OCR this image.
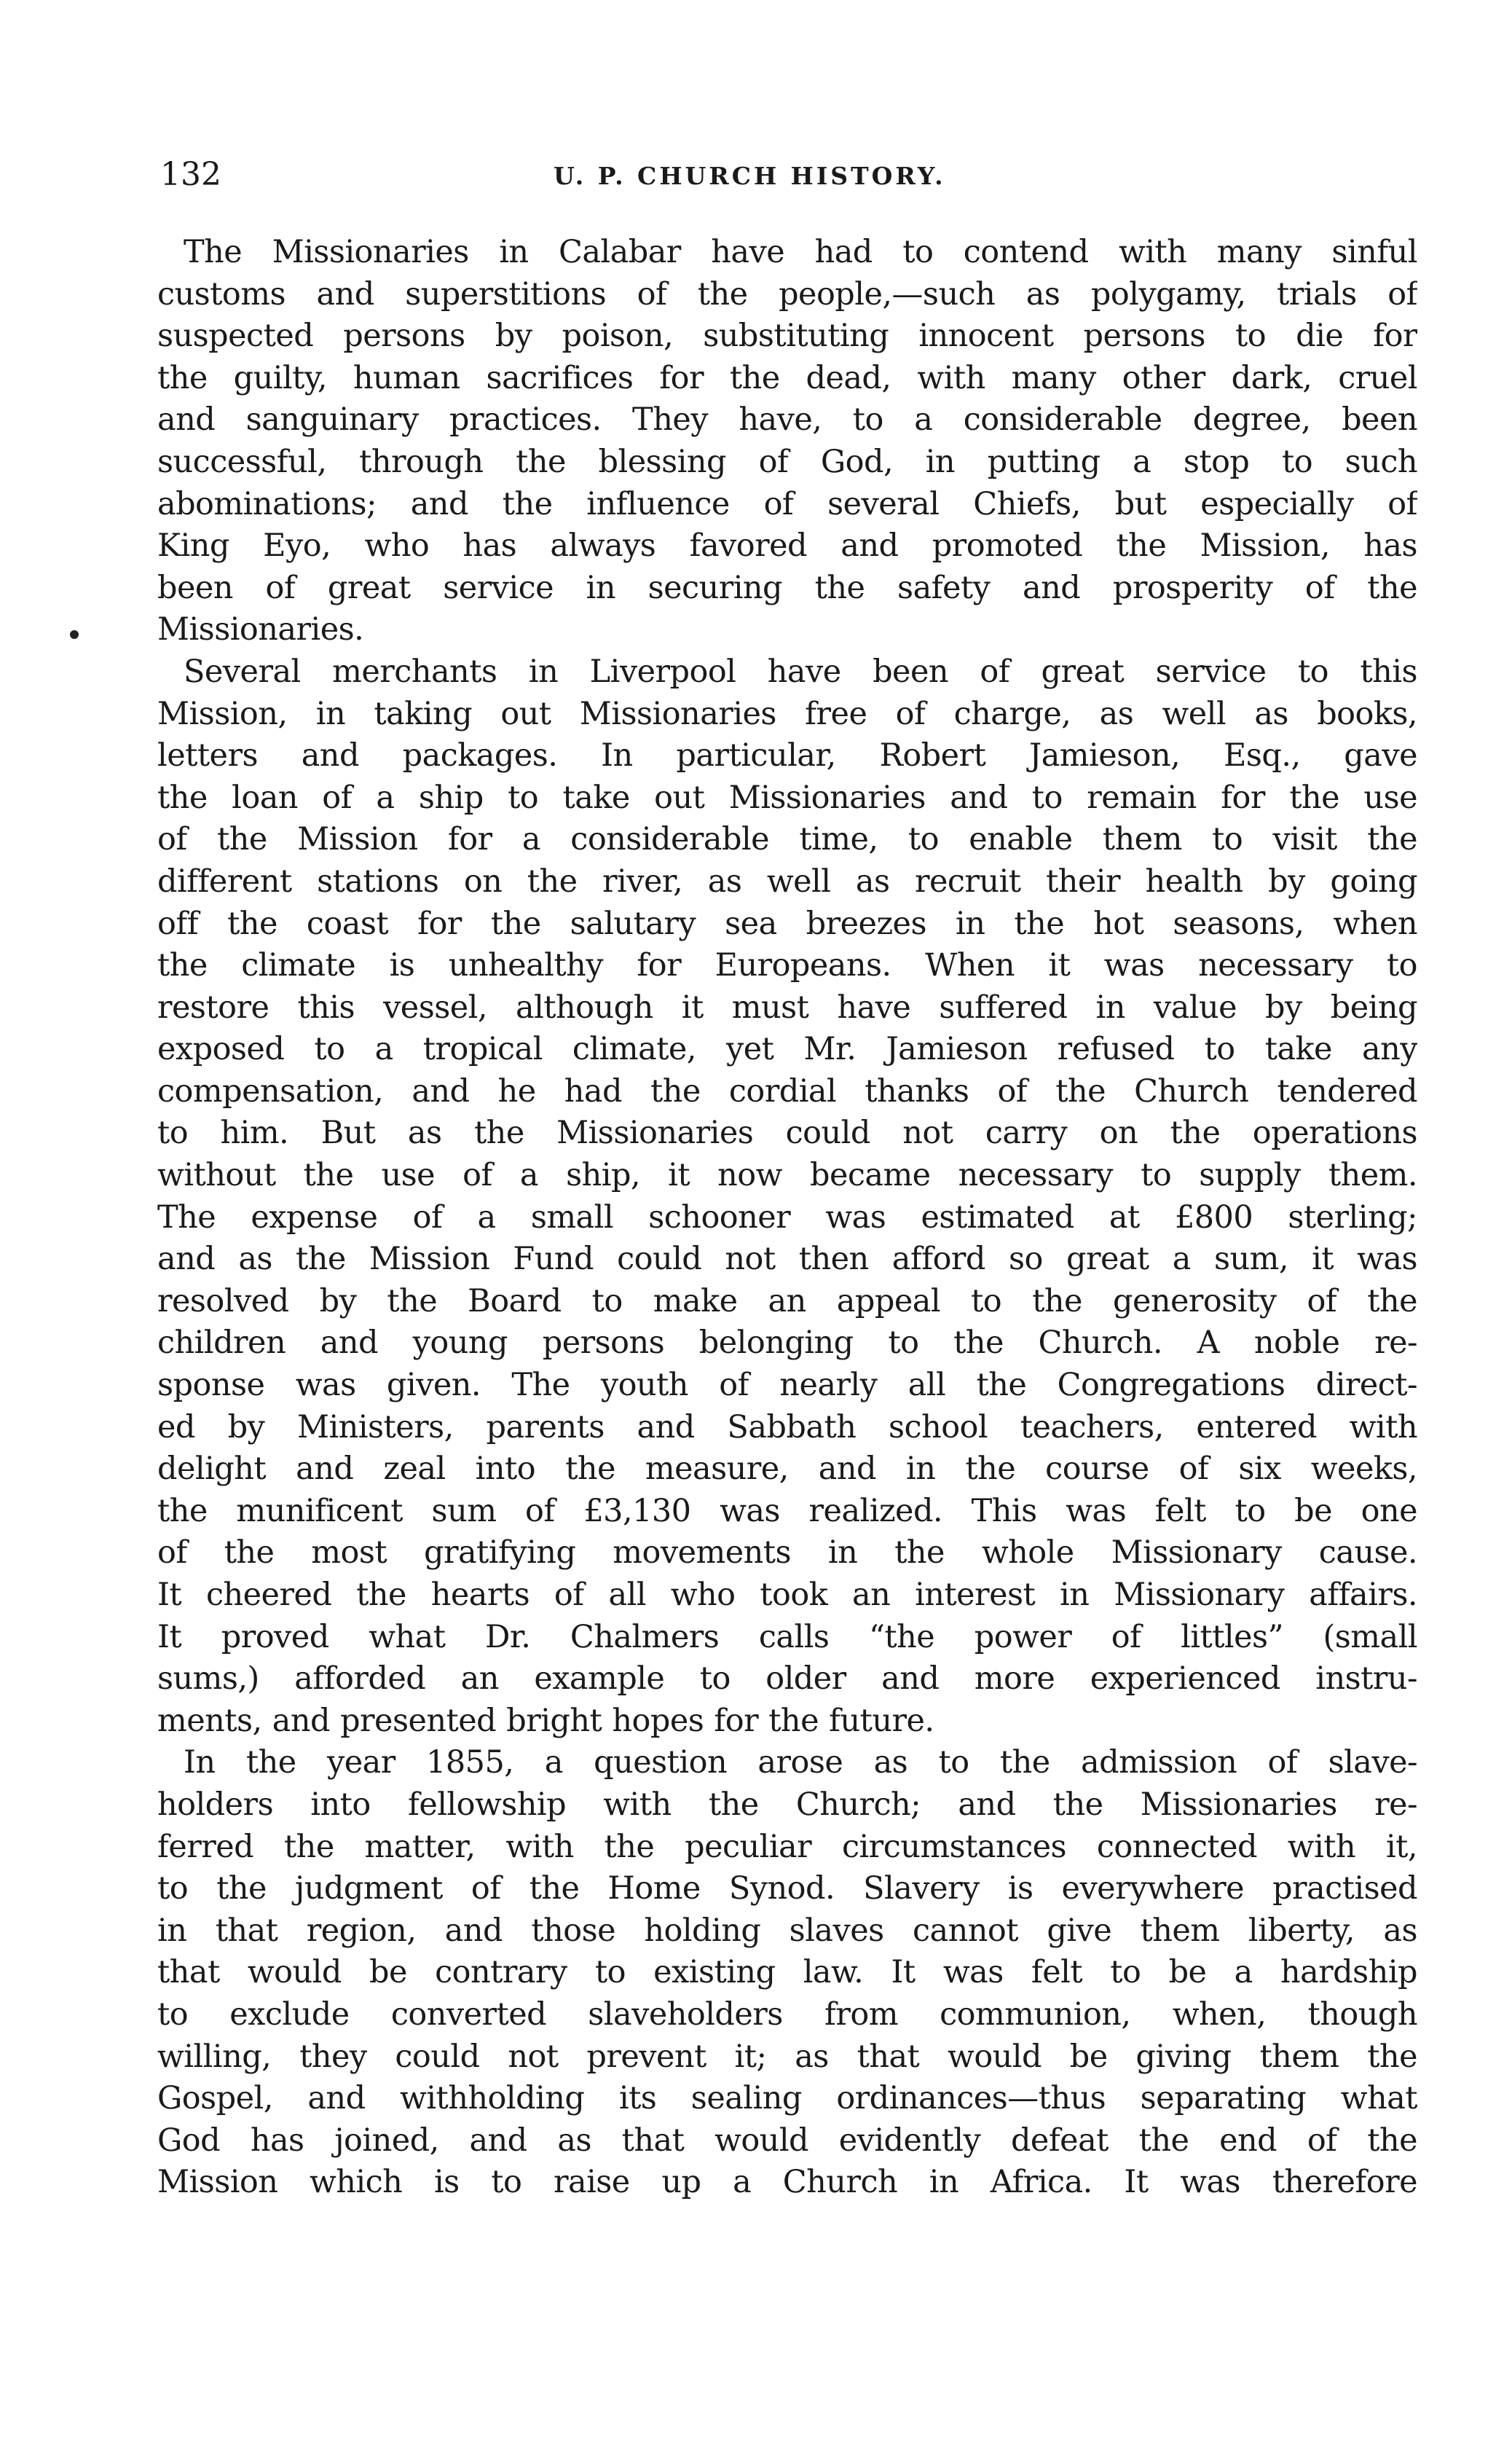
132	U. P. CHURCH HISTORY.
The Missionaries in Calabar have had to contend with many sinful
customs and superstitions of the people,—such as polygamy, trials of
suspected persons by poison, substituting innocent persons to die for
the guilty, human sacrifices for the dead, with many other dark, cruel
and sanguinary practices. They have, to a considerable degree, been
successful, through the blessing of God, in putting a stop to such
abominations; and the influence of several Chiefs, but especially of
King Eyo, who has always favored and promoted the Mission, has
been of great service in securing the safety and prosperity of the
Missionaries.
Several merchants in Liverpool have been of great service to this
Mission, in taking out Missionaries free of charge, as well as books,
letters and packages. In particular, Robert Jamieson, Esq., gave
the loan of a ship to take out Missionaries and to remain for the use
of the Mission for a considerable time, to enable them to visit the
different stations on the river, as well as recruit their health by going
off the coast for the salutary sea breezes in the hot seasons, when
the climate is unhealthy for Europeans. When it was necessary to
restore this vessel, although it must have suffered in value by being
exposed to a tropical climate, yet Mr. Jamieson refused to take any
compensation, and he had the cordial thanks of the Church tendered
to him. But as the Missionaries could not carry on the operations
without the use of a ship, it now became necessary to supply them.
The expense of a small schooner was estimated at £800 sterling;
and as the Mission Fund could not then afford so great a sum, it was
resolved by the Board to make an appeal to the generosity of the
children and young persons belonging to the Church. A noble re-
sponse was given. The youth of nearly all the Congregations direct-
ed by Ministers, parents and Sabbath school teachers, entered with
delight and zeal into the measure, and in the course of six weeks,
the munificent sum of £3,130 was realized. This was felt to be one
of the most gratifying movements in the whole Missionary cause.
It cheered the hearts of all who took an interest in Missionary affairs.
It proved what Dr. Chalmers calls “the power of littles” (small
sums,) afforded an example to older and more experienced instru-
ments, and presented bright hopes for the future.
In the year 1855, a question arose as to the admission of slave-
holders into fellowship with the Church; and the Missionaries re-
ferred the matter, with the peculiar circumstances connected with it,
to the judgment of the Home Synod. Slavery is everywhere practised
in that region, and those holding slaves cannot give them liberty, as
that would be contrary to existing law. It was felt to be a hardship
to exclude converted slaveholders from communion, when, though
willing, they could not prevent it; as that would be giving them the
Gospel, and withholding its sealing ordinances—thus separating what
God has joined, and as that would evidently defeat the end of the
Mission which is to raise up a Church in Africa. It was therefore
